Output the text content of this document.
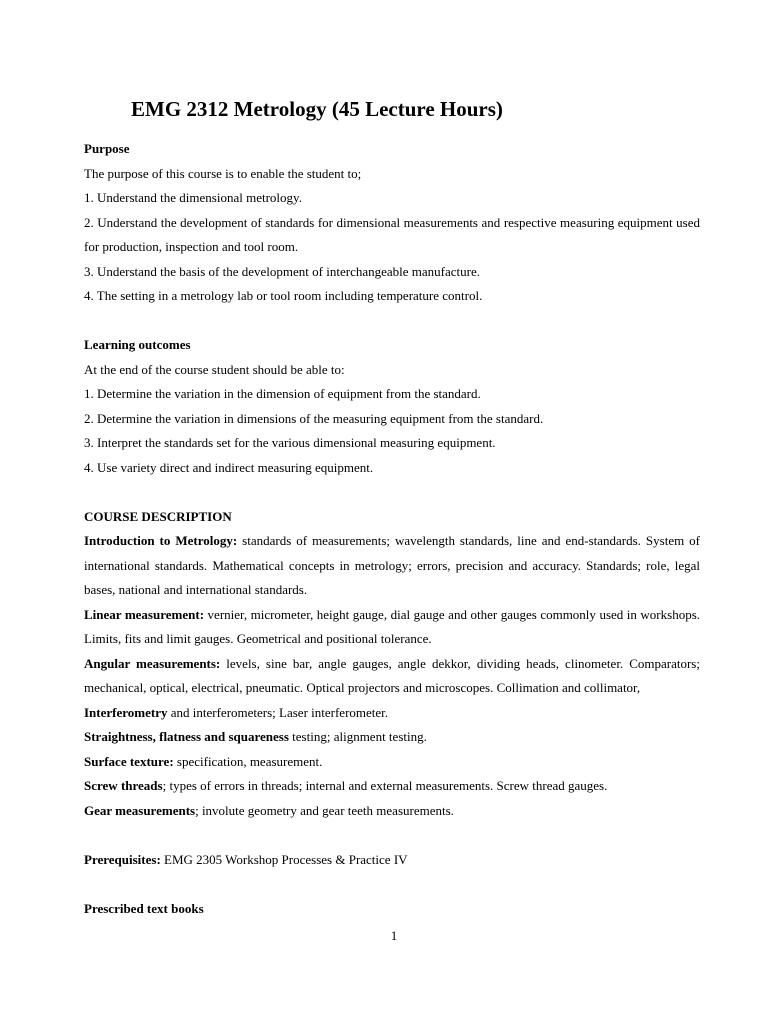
EMG 2312 Metrology (45 Lecture Hours)

Purpose

The purpose of this course is to enable the student to;

1. Understand the dimensional metrology.

2. Understand the development of standards for dimensional measurements and respective measuring equipment used for production, inspection and tool room.

3. Understand the basis of the development of interchangeable manufacture.

4. The setting in a metrology lab or tool room including temperature control.

Learning outcomes

At the end of the course student should be able to:

1. Determine the variation in the dimension of equipment from the standard.

2. Determine the variation in dimensions of the measuring equipment from the standard.

3. Interpret the standards set for the various dimensional measuring equipment.

4. Use variety direct and indirect measuring equipment.

COURSE DESCRIPTION

Introduction to Metrology: standards of measurements; wavelength standards, line and end-standards. System of international standards. Mathematical concepts in metrology; errors, precision and accuracy. Standards; role, legal bases, national and international standards.

Linear measurement: vernier, micrometer, height gauge, dial gauge and other gauges commonly used in workshops. Limits, fits and limit gauges. Geometrical and positional tolerance.

Angular measurements: levels, sine bar, angle gauges, angle dekkor, dividing heads, clinometer. Comparators; mechanical, optical, electrical, pneumatic. Optical projectors and microscopes. Collimation and collimator,

Interferometry and interferometers; Laser interferometer.

Straightness, flatness and squareness testing; alignment testing.

Surface texture: specification, measurement.

Screw threads; types of errors in threads; internal and external measurements. Screw thread gauges.

Gear measurements; involute geometry and gear teeth measurements.

Prerequisites: EMG 2305 Workshop Processes & Practice IV

Prescribed text books

1
